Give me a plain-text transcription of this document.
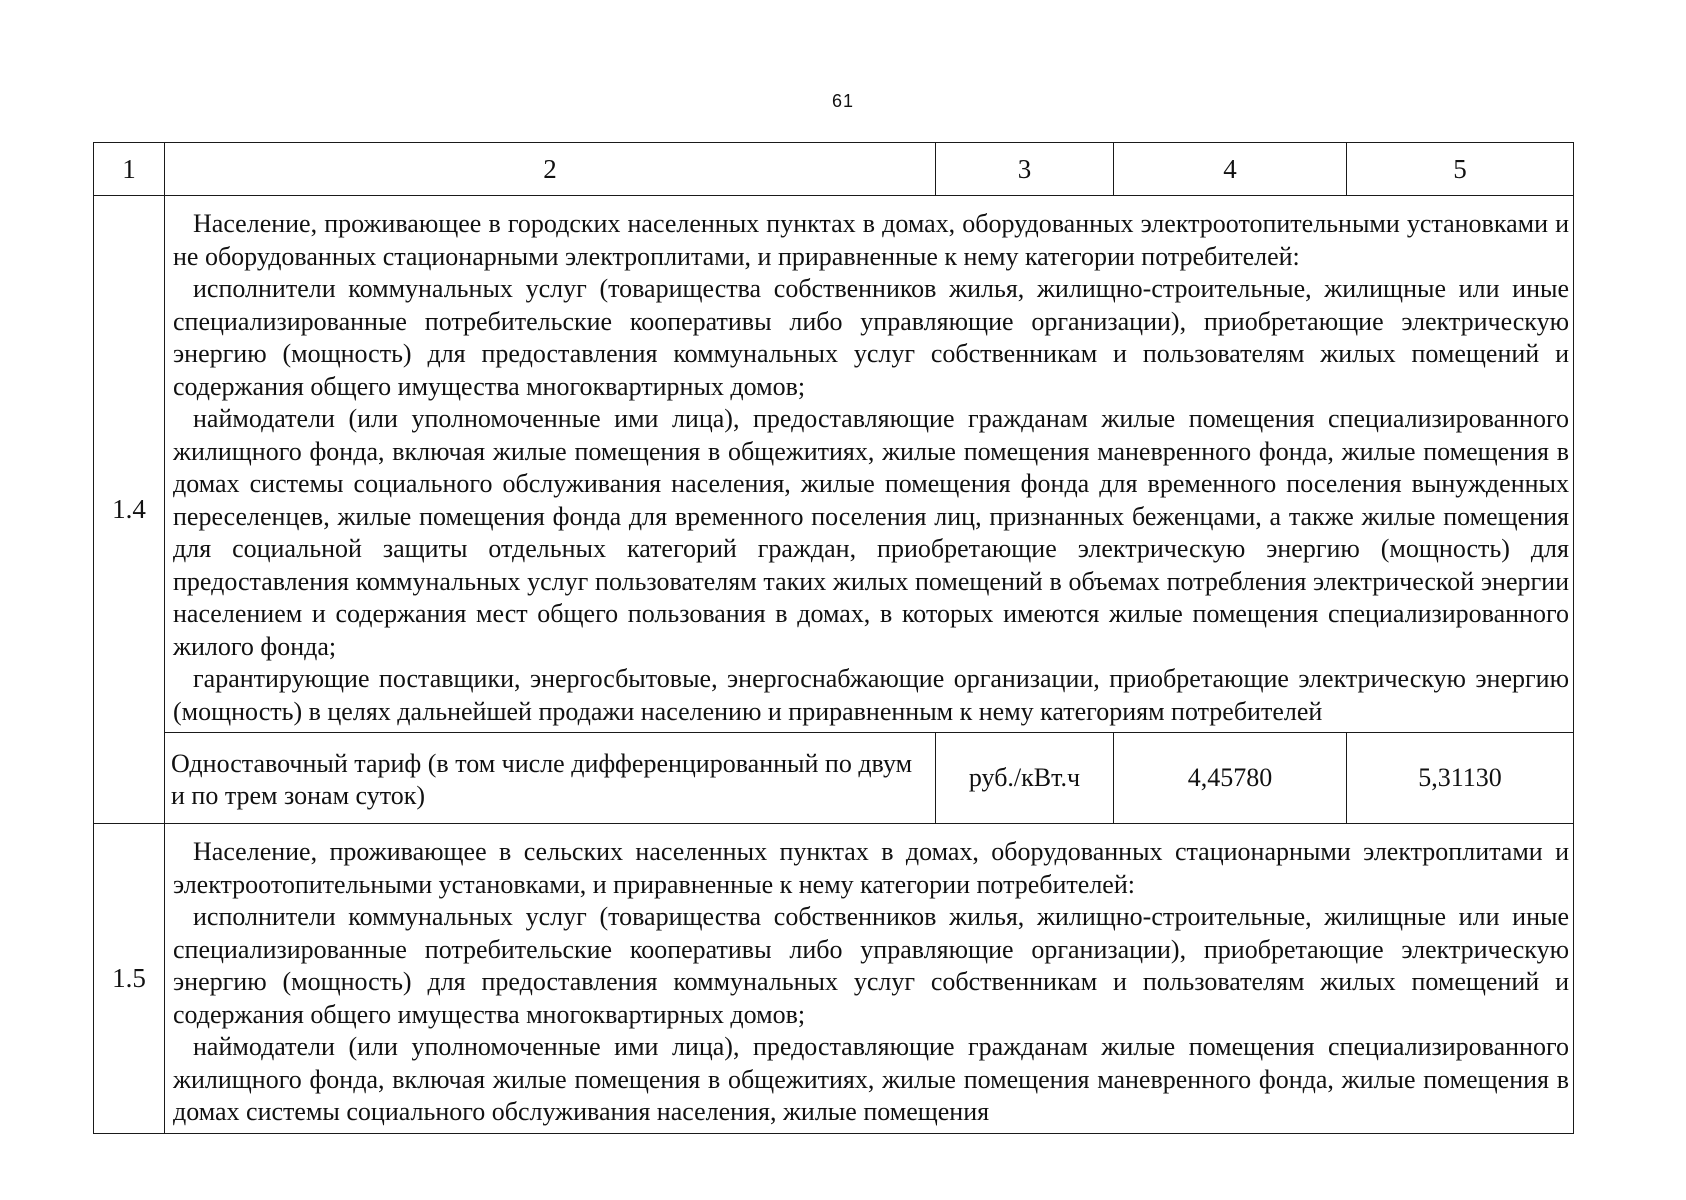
61
1	2	3	4	5
1.4	Население, проживающее в городских населенных пунктах в домах, оборудованных электроотопительными установками и не оборудованных стационарными электроплитами, и приравненные к нему категории потребителей:

исполнители коммунальных услуг (товарищества собственников жилья, жилищно-строительные, жилищные или иные специализированные потребительские кооперативы либо управляющие организации), приобретающие электрическую энергию (мощность) для предоставления коммунальных услуг собственникам и пользователям жилых помещений и содержания общего имущества многоквартирных домов;

наймодатели (или уполномоченные ими лица), предоставляющие гражданам жилые помещения специализированного жилищного фонда, включая жилые помещения в общежитиях, жилые помещения маневренного фонда, жилые помещения в домах системы социального обслуживания населения, жилые помещения фонда для временного поселения вынужденных переселенцев, жилые помещения фонда для временного поселения лиц, признанных беженцами, а также жилые помещения для социальной защиты отдельных категорий граждан, приобретающие электрическую энергию (мощность) для предоставления коммунальных услуг пользователям таких жилых помещений в объемах потребления электрической энергии населением и содержания мест общего пользования в домах, в которых имеются жилые помещения специализированного жилого фонда;

гарантирующие поставщики, энергосбытовые, энергоснабжающие организации, приобретающие электрическую энергию (мощность) в целях дальнейшей продажи населению и приравненным к нему категориям потребителей			

	Одноставочный тариф (в том числе дифференцированный по двум и по трем зонам суток)	руб./кВт.ч	4,45780	5,31130
1.5	Население, проживающее в сельских населенных пунктах в домах, оборудованных стационарными электроплитами и электроотопительными установками, и приравненные к нему категории потребителей:

исполнители коммунальных услуг (товарищества собственников жилья, жилищно-строительные, жилищные или иные специализированные потребительские кооперативы либо управляющие организации), приобретающие электрическую энергию (мощность) для предоставления коммунальных услуг собственникам и пользователям жилых помещений и содержания общего имущества многоквартирных домов;

наймодатели (или уполномоченные ими лица), предоставляющие гражданам жилые помещения специализированного жилищного фонда, включая жилые помещения в общежитиях, жилые помещения маневренного фонда, жилые помещения в домах системы социального обслуживания населения, жилые помещения			
